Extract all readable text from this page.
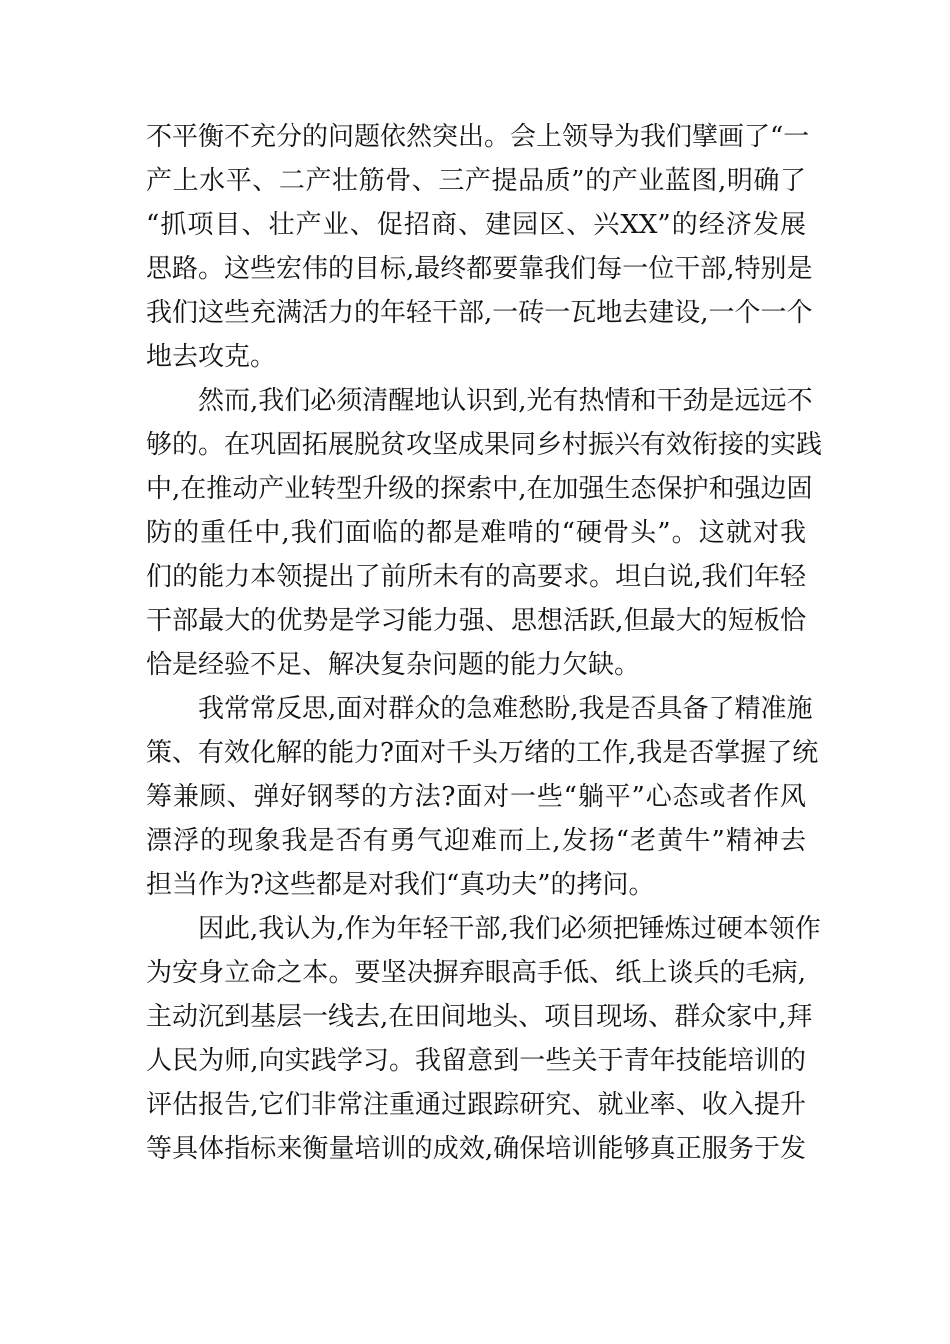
不平衡不充分的问题依然突出。会上领导为我们擘画了“一
产上水平、二产壮筋骨、三产提品质”的产业蓝图,明确了
“抓项目、壮产业、促招商、建园区、兴XX”的经济发展
思路。这些宏伟的目标,最终都要靠我们每一位干部,特别是
我们这些充满活力的年轻干部,一砖一瓦地去建设,一个一个
地去攻克。
然而,我们必须清醒地认识到,光有热情和干劲是远远不
够的。在巩固拓展脱贫攻坚成果同乡村振兴有效衔接的实践
中,在推动产业转型升级的探索中,在加强生态保护和强边固
防的重任中,我们面临的都是难啃的“硬骨头”。这就对我
们的能力本领提出了前所未有的高要求。坦白说,我们年轻
干部最大的优势是学习能力强、思想活跃,但最大的短板恰
恰是经验不足、解决复杂问题的能力欠缺。
我常常反思,面对群众的急难愁盼,我是否具备了精准施
策、有效化解的能力?面对千头万绪的工作,我是否掌握了统
筹兼顾、弹好钢琴的方法?面对一些“躺平”心态或者作风
漂浮的现象我是否有勇气迎难而上,发扬“老黄牛”精神去
担当作为?这些都是对我们“真功夫”的拷问。
因此,我认为,作为年轻干部,我们必须把锤炼过硬本领作
为安身立命之本。要坚决摒弃眼高手低、纸上谈兵的毛病,
主动沉到基层一线去,在田间地头、项目现场、群众家中,拜
人民为师,向实践学习。我留意到一些关于青年技能培训的
评估报告,它们非常注重通过跟踪研究、就业率、收入提升
等具体指标来衡量培训的成效,确保培训能够真正服务于发
